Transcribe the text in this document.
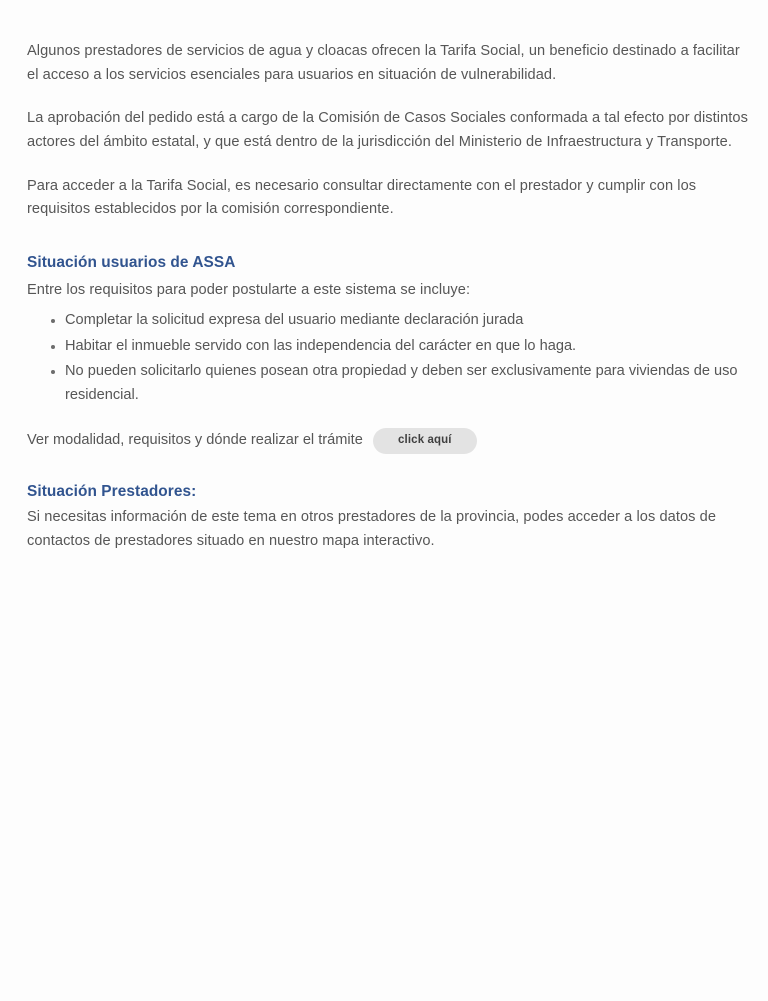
Algunos prestadores de servicios de agua y cloacas ofrecen la Tarifa Social, un beneficio destinado a facilitar el acceso a los servicios esenciales para usuarios en situación de vulnerabilidad.

La aprobación del pedido está a cargo de la Comisión de Casos Sociales conformada a tal efecto por distintos actores del ámbito estatal, y que está dentro de la jurisdicción del Ministerio de Infraestructura y Transporte.

Para acceder a la Tarifa Social, es necesario consultar directamente con el prestador y cumplir con los requisitos establecidos por la comisión correspondiente.

Situación usuarios de ASSA

Entre los requisitos para poder postularte a este sistema se incluye:

Completar la solicitud expresa del usuario mediante declaración jurada
Habitar el inmueble servido con las independencia del carácter en que lo haga.
No pueden solicitarlo quienes posean otra propiedad y deben ser exclusivamente para viviendas de uso residencial.
Ver modalidad, requisitos y dónde realizar el trámite	click aquí
Situación Prestadores:

Si necesitas información de este tema en otros prestadores de la provincia, podes acceder a los datos de contactos de prestadores situado en nuestro mapa interactivo.
